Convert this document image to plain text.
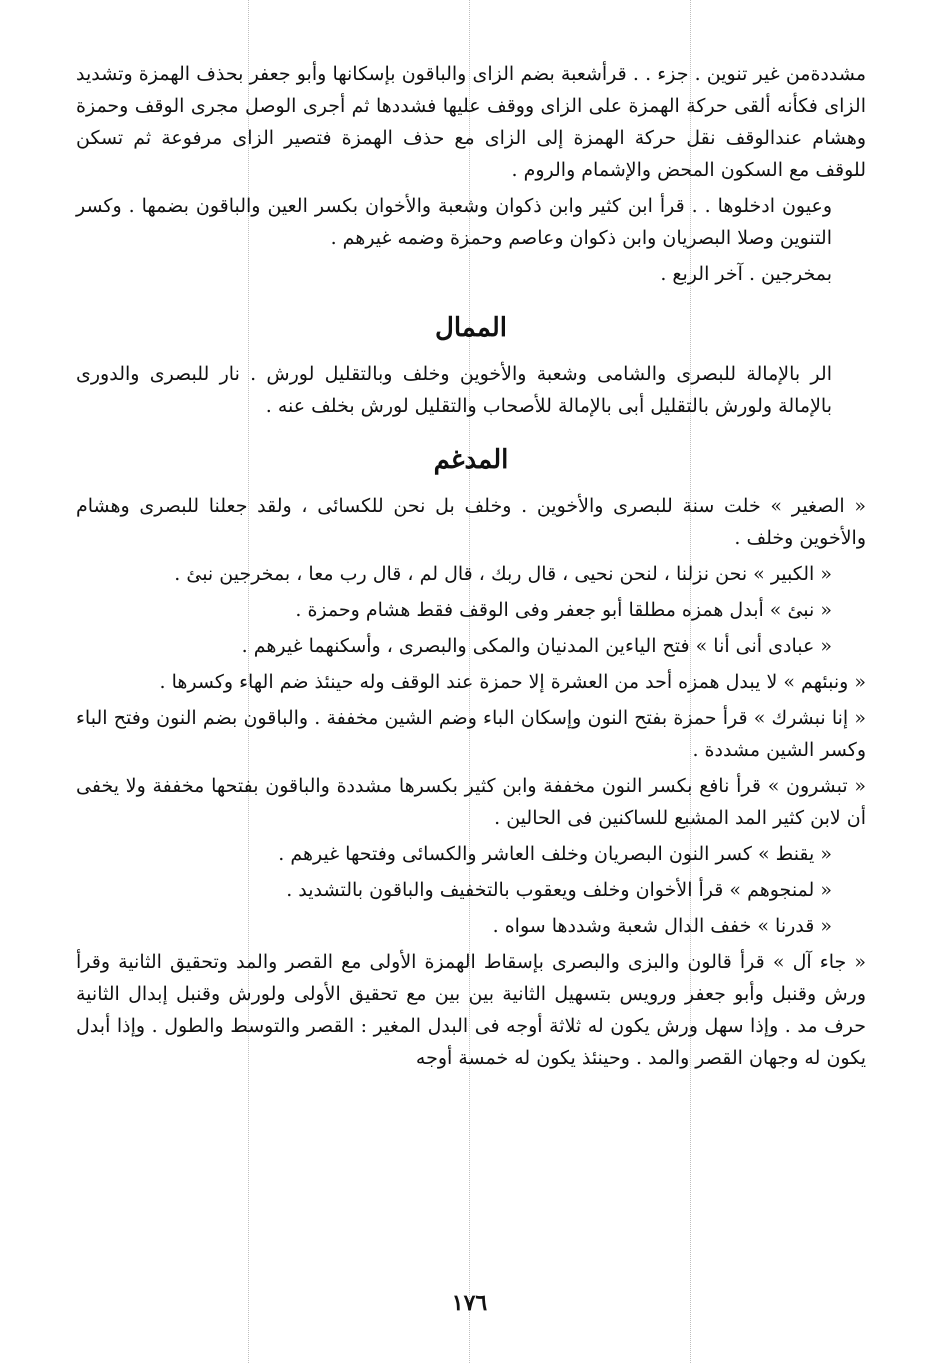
مشددةمن غير تنوين . جزء . . قرأشعبة بضم الزاى والباقون بإسكانها وأبو جعفر بحذف الهمزة وتشديد الزاى فكأنه ألقى حركة الهمزة على الزاى ووقف عليها فشددها ثم أجرى الوصل مجرى الوقف وحمزة وهشام عندالوقف نقل حركة الهمزة إلى الزاى مع حذف الهمزة فتصير الزاى مرفوعة ثم تسكن للوقف مع السكون المحض والإشمام والروم .

وعيون ادخلوها . . قرأ ابن كثير وابن ذكوان وشعبة والأخوان بكسر العين والباقون بضمها . وكسر التنوين وصلا البصريان وابن ذكوان وعاصم وحمزة وضمه غيرهم .

بمخرجين . آخر الربع .

الممال

الر بالإمالة للبصرى والشامى وشعبة والأخوين وخلف وبالتقليل لورش . نار للبصرى والدورى بالإمالة ولورش بالتقليل أبى بالإمالة للأصحاب والتقليل لورش بخلف عنه .

المدغم

« الصغير » خلت سنة للبصرى والأخوين . وخلف بل نحن للكسائى ، ولقد جعلنا للبصرى وهشام والأخوين وخلف .

« الكبير » نحن نزلنا ، لنحن نحيى ، قال ربك ، قال لم ، قال رب معا ، بمخرجين نبئ .

« نبئ » أبدل همزه مطلقا أبو جعفر وفى الوقف فقط هشام وحمزة .

« عبادى أنى أنا » فتح الياءين المدنيان والمكى والبصرى ، وأسكنهما غيرهم .

« ونبئهم » لا يبدل همزه أحد من العشرة إلا حمزة عند الوقف وله حينئذ ضم الهاء وكسرها .

« إنا نبشرك » قرأ حمزة بفتح النون وإسكان الباء وضم الشين مخففة . والباقون بضم النون وفتح الباء وكسر الشين مشددة .

« تبشرون » قرأ نافع بكسر النون مخففة وابن كثير بكسرها مشددة والباقون بفتحها مخففة ولا يخفى أن لابن كثير المد المشبع للساكنين فى الحالين .

« يقنط » كسر النون البصريان وخلف العاشر والكسائى وفتحها غيرهم .

« لمنجوهم » قرأ الأخوان وخلف ويعقوب بالتخفيف والباقون بالتشديد .

« قدرنا » خفف الدال شعبة وشددها سواه .

« جاء آل » قرأ قالون والبزى والبصرى بإسقاط الهمزة الأولى مع القصر والمد وتحقيق الثانية وقرأ ورش وقنبل وأبو جعفر ورويس بتسهيل الثانية بين بين مع تحقيق الأولى ولورش وقنبل إبدال الثانية حرف مد . وإذا سهل ورش يكون له ثلاثة أوجه فى البدل المغير : القصر والتوسط والطول . وإذا أبدل يكون له وجهان القصر والمد . وحينئذ يكون له خمسة أوجه

١٧٦
